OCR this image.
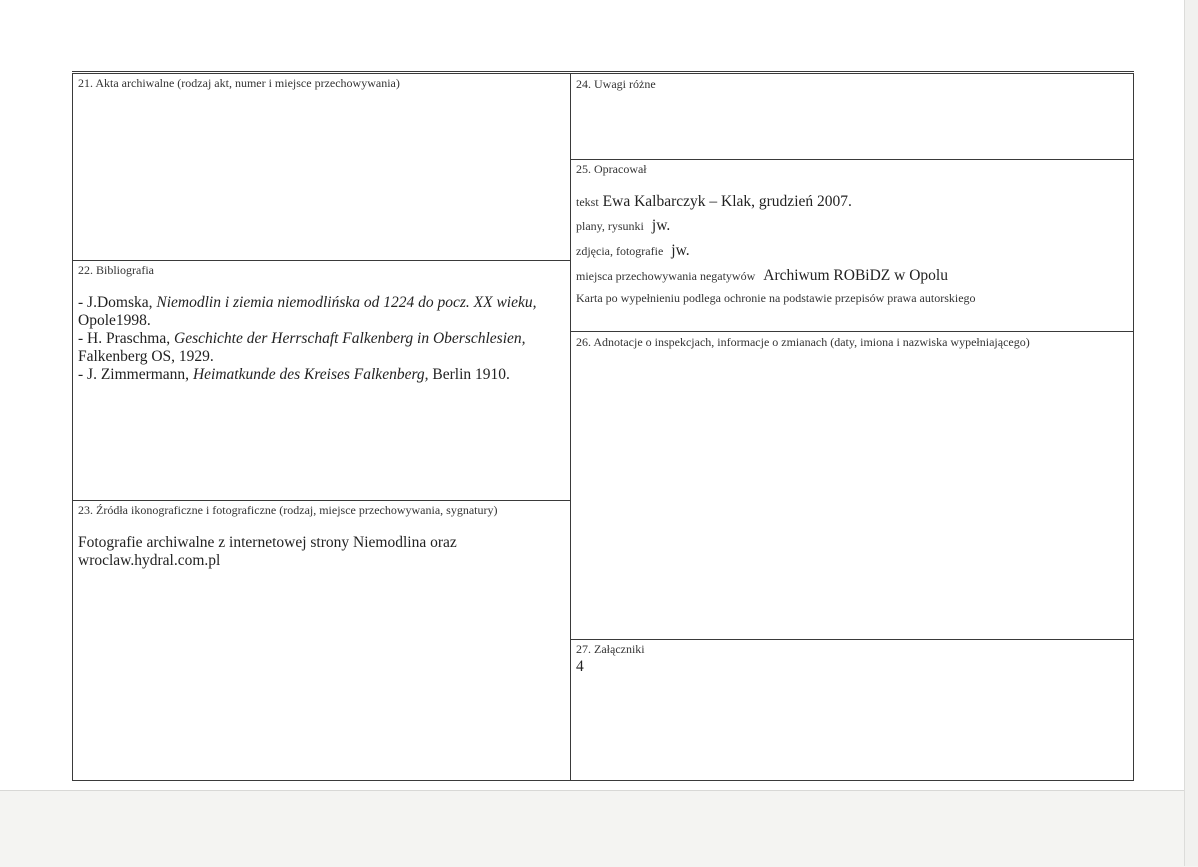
21. Akta archiwalne (rodzaj akt, numer i miejsce przechowywania)
22. Bibliografia

- J.Domska, Niemodlin i ziemia niemodlińska od 1224 do pocz. XX wieku, Opole1998.

- H. Praschma, Geschichte der Herrschaft Falkenberg in Oberschlesien, Falkenberg OS, 1929.

- J. Zimmermann, Heimatkunde des Kreises Falkenberg, Berlin 1910.

23. Źródła ikonograficzne i fotograficzne (rodzaj, miejsce przechowywania, sygnatury)
Fotografie archiwalne z internetowej strony Niemodlina oraz wroclaw.hydral.com.pl
24. Uwagi różne
25. Opracował
tekst Ewa Kalbarczyk – Klak, grudzień 2007.
plany, rysunki jw.
zdjęcia, fotografie jw.
miejsca przechowywania negatywów Archiwum ROBiDZ w Opolu
Karta po wypełnieniu podlega ochronie na podstawie przepisów prawa autorskiego
26. Adnotacje o inspekcjach, informacje o zmianach (daty, imiona i nazwiska wypełniającego)
27. Załączniki
4
